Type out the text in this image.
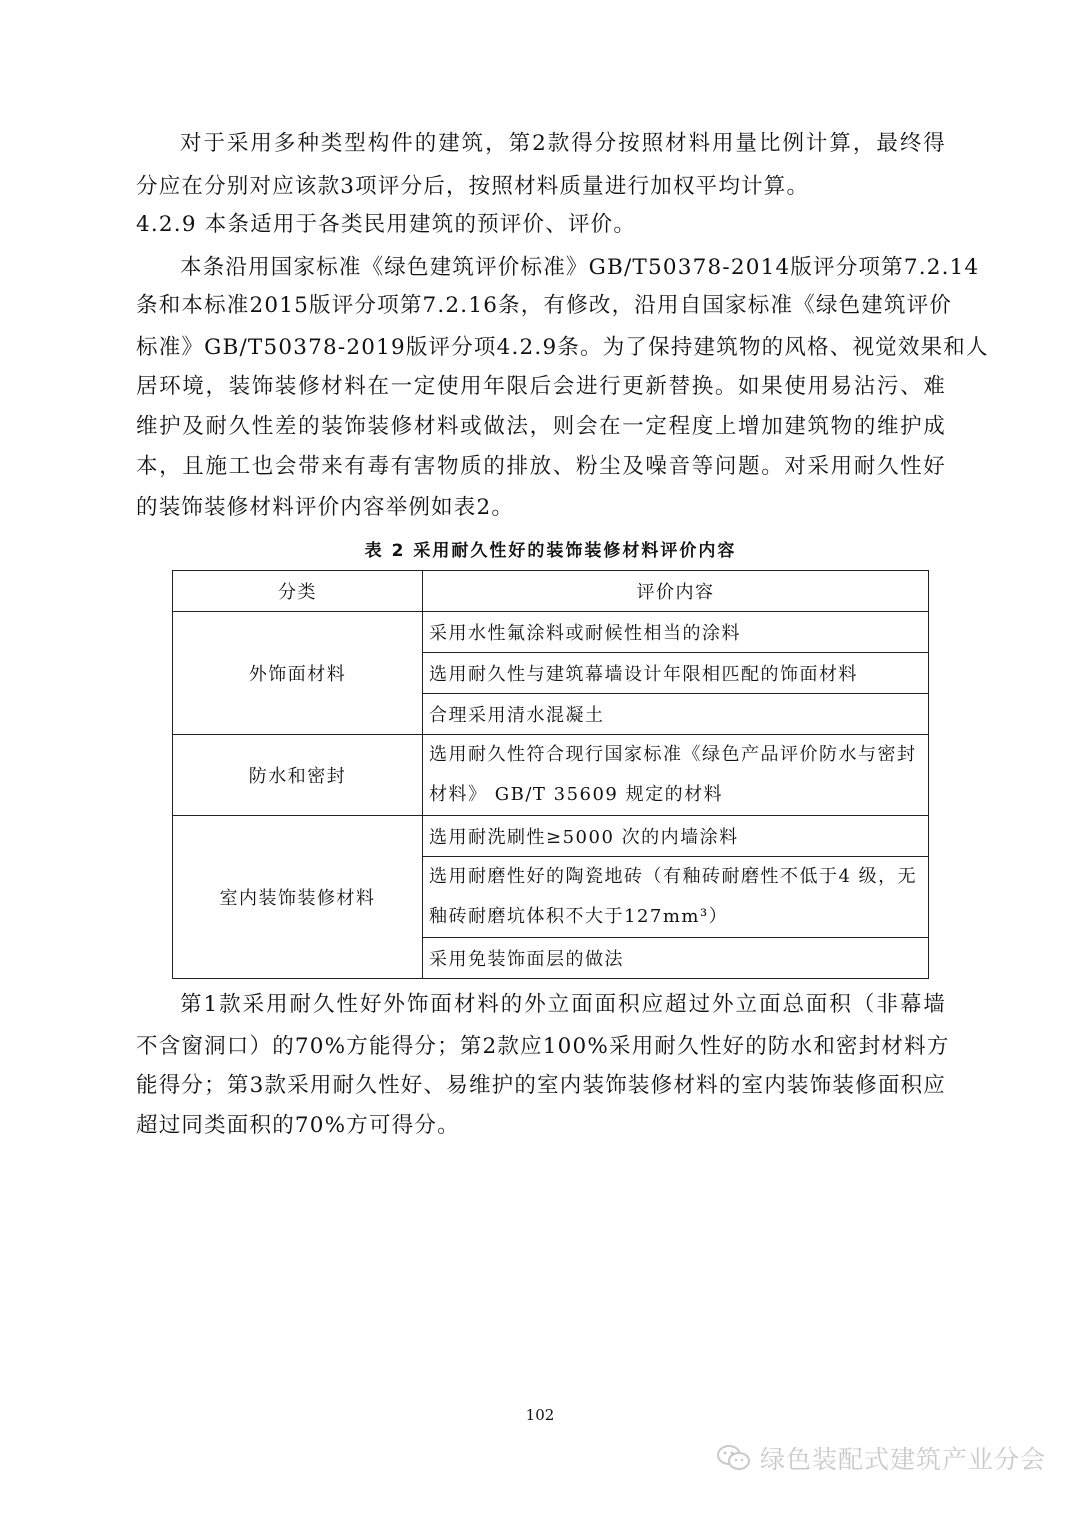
对于采用多种类型构件的建筑，第2款得分按照材料用量比例计算，最终得
分应在分别对应该款3项评分后，按照材料质量进行加权平均计算。
4.2.9 本条适用于各类民用建筑的预评价、评价。
本条沿用国家标准《绿色建筑评价标准》GB/T50378-2014版评分项第7.2.14
条和本标准2015版评分项第7.2.16条，有修改，沿用自国家标准《绿色建筑评价
标准》GB/T50378-2019版评分项4.2.9条。为了保持建筑物的风格、视觉效果和人
居环境，装饰装修材料在一定使用年限后会进行更新替换。如果使用易沾污、难
维护及耐久性差的装饰装修材料或做法，则会在一定程度上增加建筑物的维护成
本，且施工也会带来有毒有害物质的排放、粉尘及噪音等问题。对采用耐久性好
的装饰装修材料评价内容举例如表2。
表 2 采用耐久性好的装饰装修材料评价内容
分类	评价内容
外饰面材料	采用水性氟涂料或耐候性相当的涂料
	选用耐久性与建筑幕墙设计年限相匹配的饰面材料
	合理采用清水混凝土
防水和密封	选用耐久性符合现行国家标准《绿色产品评价防水与密封材料》 GB/T 35609 规定的材料
室内装饰装修材料	选用耐洗刷性≥5000 次的内墙涂料
	选用耐磨性好的陶瓷地砖（有釉砖耐磨性不低于4 级，无釉砖耐磨坑体积不大于127mm³）
	采用免装饰面层的做法
第1款采用耐久性好外饰面材料的外立面面积应超过外立面总面积（非幕墙
不含窗洞口）的70%方能得分；第2款应100%采用耐久性好的防水和密封材料方
能得分；第3款采用耐久性好、易维护的室内装饰装修材料的室内装饰装修面积应
超过同类面积的70%方可得分。
102
绿色装配式建筑产业分会
